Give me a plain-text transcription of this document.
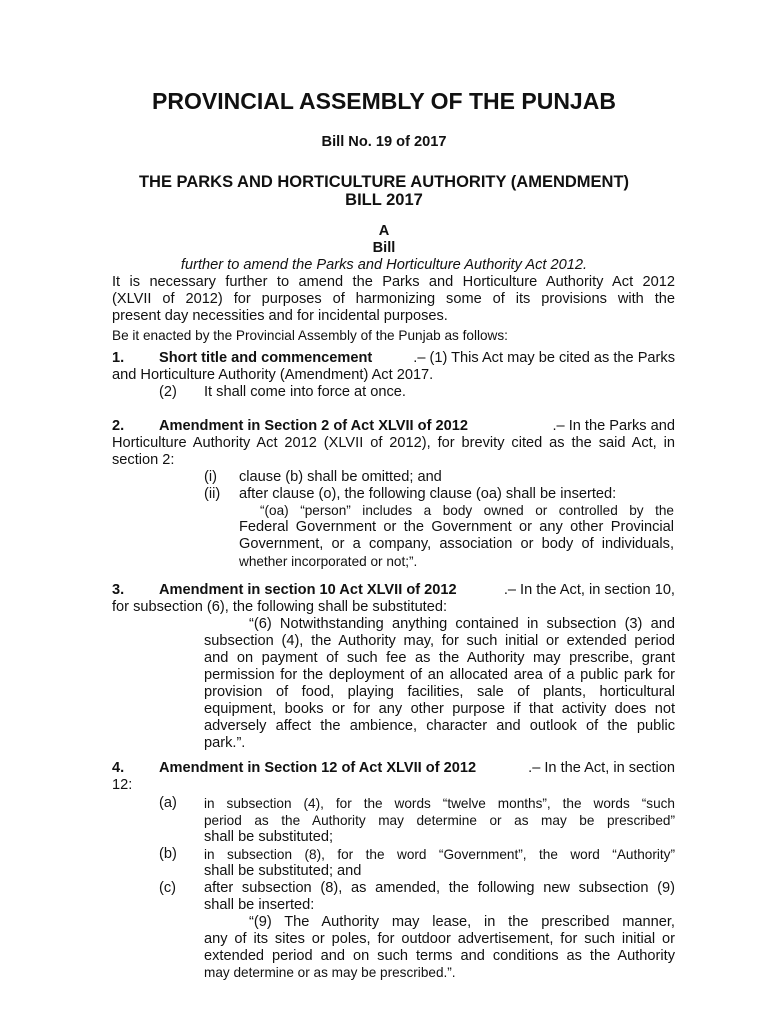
PROVINCIAL ASSEMBLY OF THE PUNJAB
Bill No. 19 of 2017
THE PARKS AND HORTICULTURE AUTHORITY (AMENDMENT)
BILL 2017
A
Bill
further to amend the Parks and Horticulture Authority Act 2012.
It is necessary further to amend the Parks and Horticulture Authority Act 2012
(XLVII of 2012) for purposes of harmonizing some of its provisions with the
present day necessities and for incidental purposes.
Be it enacted by the Provincial Assembly of the Punjab as follows:
1. Short title and commencement	.– (1) This Act may be cited as the Parks
and Horticulture Authority (Amendment) Act 2017.
(2) It shall come into force at once.
2. Amendment in Section 2 of Act XLVII of 2012	.– In the Parks and
Horticulture Authority Act 2012 (XLVII of 2012), for brevity cited as the said Act, in
section 2:
(i) clause (b) shall be omitted; and
(ii) after clause (o), the following clause (oa) shall be inserted:
“(oa) “person” includes a body owned or controlled by the
Federal Government or the Government or any other Provincial
Government, or a company, association or body of individuals,
whether incorporated or not;”.
3. Amendment in section 10 Act XLVII of 2012	.– In the Act, in section 10,
for subsection (6), the following shall be substituted:
“(6) Notwithstanding anything contained in subsection (3) and
subsection (4), the Authority may, for such initial or extended period
and on payment of such fee as the Authority may prescribe, grant
permission for the deployment of an allocated area of a public park for
provision of food, playing facilities, sale of plants, horticultural
equipment, books or for any other purpose if that activity does not
adversely affect the ambience, character and outlook of the public
park.”.
4. Amendment in Section 12 of Act XLVII of 2012	.– In the Act, in section
12:
(a) in subsection (4), for the words “twelve months”, the words “such
period as the Authority may determine or as may be prescribed”
shall be substituted;
(b) in subsection (8), for the word “Government”, the word “Authority”
shall be substituted; and
(c) after subsection (8), as amended, the following new subsection (9)
shall be inserted:
“(9) The Authority may lease, in the prescribed manner,
any of its sites or poles, for outdoor advertisement, for such initial or
extended period and on such terms and conditions as the Authority
may determine or as may be prescribed.”.
